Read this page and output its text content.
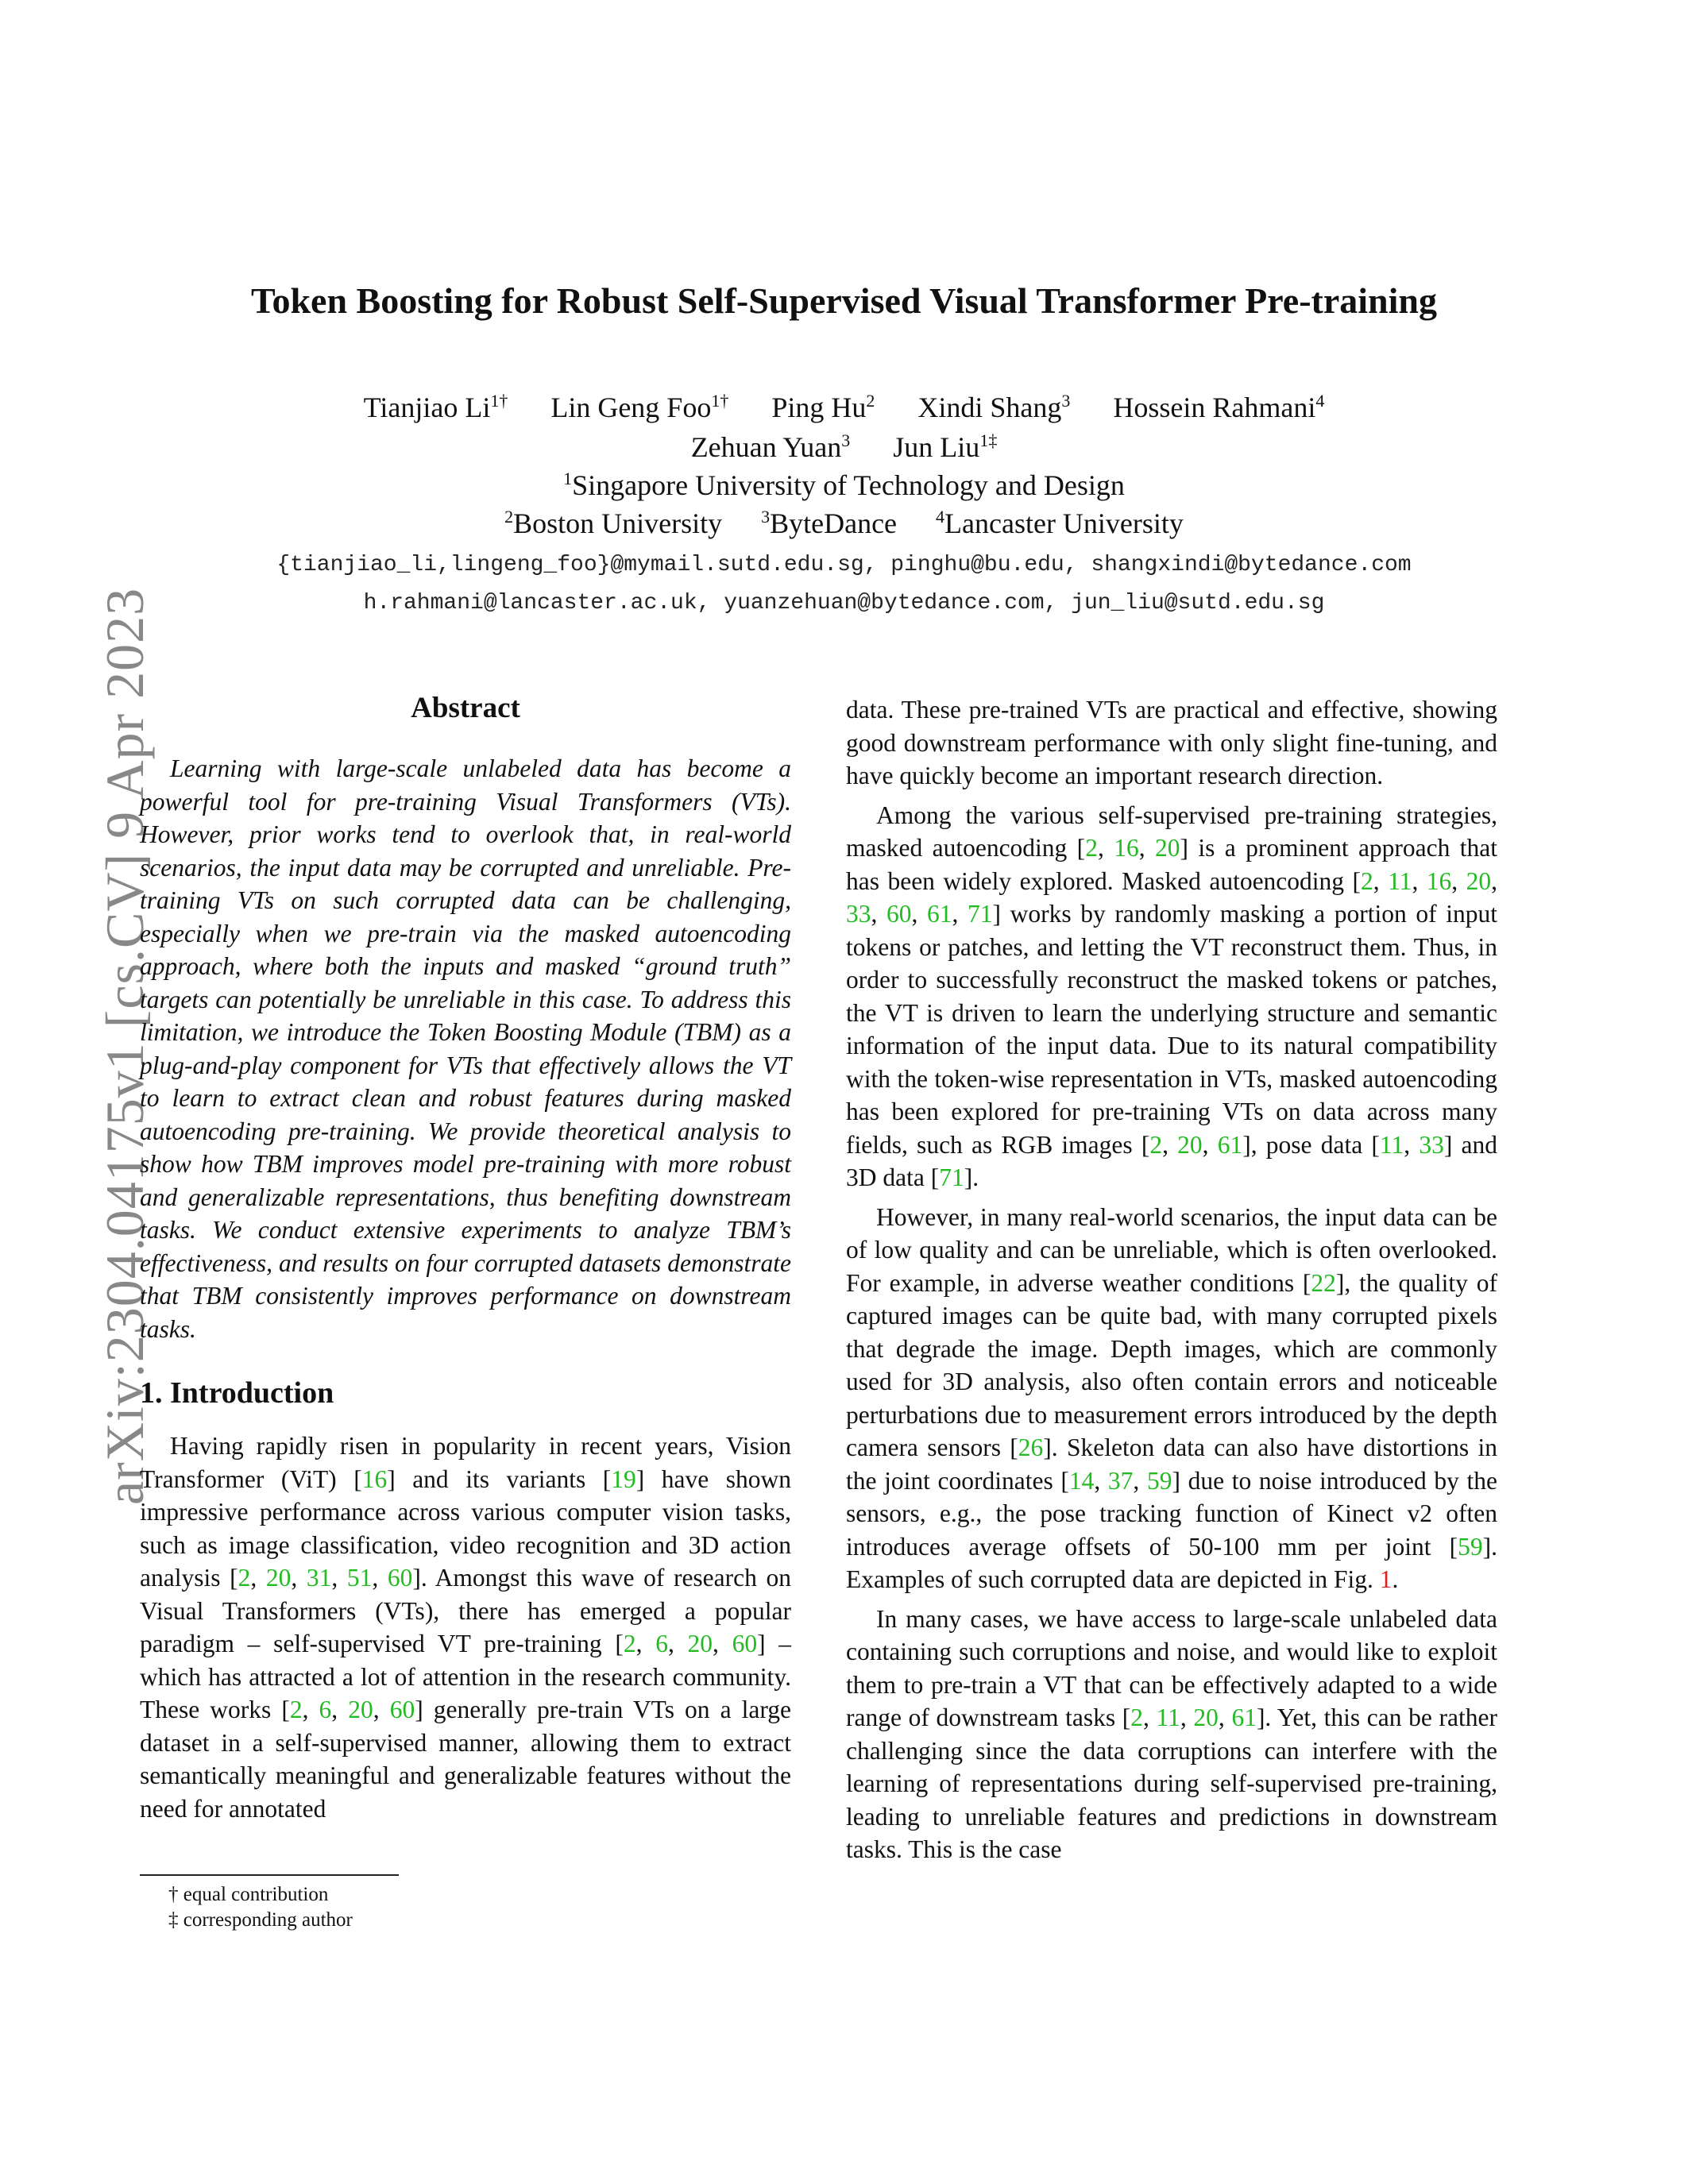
arXiv:2304.04175v1 [cs.CV] 9 Apr 2023
Token Boosting for Robust Self-Supervised Visual Transformer Pre-training
Tianjiao $Li^{1\dagger}$ Lin Geng Foo$^{1\dagger}$ Ping Hu$^2$ Xindi Shang$^3$ Hossein Rahmani$^4$
Zehuan Yuan$^3$ Jun Liu$^{1\ddagger}$
$^1$Singapore University of Technology and Design
$^2$Boston University $^3$ByteDance $^4$Lancaster University
{tianjiao_li,lingeng_foo}@mymail.sutd.edu.sg, pinghu@bu.edu, shangxindi@bytedance.com
h.rahmani@lancaster.ac.uk, yuanzehuan@bytedance.com, jun_liu@sutd.edu.sg
Abstract

Learning with large-scale unlabeled data has become a powerful tool for pre-training Visual Transformers (VTs). However, prior works tend to overlook that, in real-world scenarios, the input data may be corrupted and unreliable. Pre-training VTs on such corrupted data can be challenging, especially when we pre-train via the masked autoencoding approach, where both the inputs and masked “ground truth” targets can potentially be unreliable in this case. To address this limitation, we introduce the Token Boosting Module (TBM) as a plug-and-play component for VTs that effectively allows the VT to learn to extract clean and robust features during masked autoencoding pre-training. We provide theoretical analysis to show how TBM improves model pre-training with more robust and generalizable representations, thus benefiting downstream tasks. We conduct extensive experiments to analyze TBM’s effectiveness, and results on four corrupted datasets demonstrate that TBM consistently improves performance on downstream tasks.

1. Introduction

Having rapidly risen in popularity in recent years, Vision Transformer (ViT) [16] and its variants [19] have shown impressive performance across various computer vision tasks, such as image classification, video recognition and 3D action analysis [2, 20, 31, 51, 60]. Amongst this wave of research on Visual Transformers (VTs), there has emerged a popular paradigm – self-supervised VT pre-training [2, 6, 20, 60] – which has attracted a lot of attention in the research community. These works [2, 6, 20, 60] generally pre-train VTs on a large dataset in a self-supervised manner, allowing them to extract semantically meaningful and generalizable features without the need for annotated

data. These pre-trained VTs are practical and effective, showing good downstream performance with only slight fine-tuning, and have quickly become an important research direction.

Among the various self-supervised pre-training strategies, masked autoencoding [2, 16, 20] is a prominent approach that has been widely explored. Masked autoencoding [2, 11, 16, 20, 33, 60, 61, 71] works by randomly masking a portion of input tokens or patches, and letting the VT reconstruct them. Thus, in order to successfully reconstruct the masked tokens or patches, the VT is driven to learn the underlying structure and semantic information of the input data. Due to its natural compatibility with the token-wise representation in VTs, masked autoencoding has been explored for pre-training VTs on data across many fields, such as RGB images [2, 20, 61], pose data [11, 33] and 3D data [71].

However, in many real-world scenarios, the input data can be of low quality and can be unreliable, which is often overlooked. For example, in adverse weather conditions [22], the quality of captured images can be quite bad, with many corrupted pixels that degrade the image. Depth images, which are commonly used for 3D analysis, also often contain errors and noticeable perturbations due to measurement errors introduced by the depth camera sensors [26]. Skeleton data can also have distortions in the joint coordinates [14, 37, 59] due to noise introduced by the sensors, e.g., the pose tracking function of Kinect v2 often introduces average offsets of 50-100 mm per joint [59]. Examples of such corrupted data are depicted in Fig. 1.

In many cases, we have access to large-scale unlabeled data containing such corruptions and noise, and would like to exploit them to pre-train a VT that can be effectively adapted to a wide range of downstream tasks [2, 11, 20, 61]. Yet, this can be rather challenging since the data corruptions can interfere with the learning of representations during self-supervised pre-training, leading to unreliable features and predictions in downstream tasks. This is the case

† equal contribution
‡ corresponding author
